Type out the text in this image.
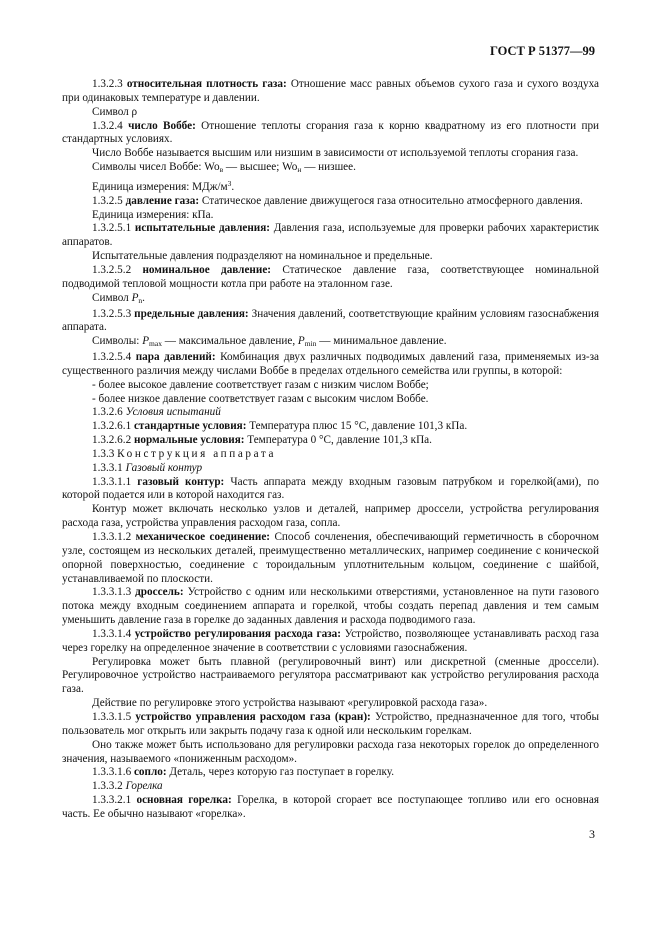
ГОСТ Р 51377—99

1.3.2.3 относительная плотность газа: Отношение масс равных объемов сухого газа и сухого воздуха при одинаковых температуре и давлении.

Символ ρ

1.3.2.4 число Воббе: Отношение теплоты сгорания газа к корню квадратному из его плотности при стандартных условиях.

Число Воббе называется высшим или низшим в зависимости от используемой теплоты сгорания газа.

Символы чисел Воббе: $Wo_в$ — высшее; $Wo_н$ — низшее.

Единица измерения: МДж/$м^3$.

1.3.2.5 давление газа: Статическое давление движущегося газа относительно атмосферного давления.

Единица измерения: кПа.

1.3.2.5.1 испытательные давления: Давления газа, используемые для проверки рабочих характеристик аппаратов.

Испытательные давления подразделяют на номинальное и предельные.

1.3.2.5.2 номинальное давление: Статическое давление газа, соответствующее номинальной подводимой тепловой мощности котла при работе на эталонном газе.

Символ $P_n$.

1.3.2.5.3 предельные давления: Значения давлений, соответствующие крайним условиям газоснабжения аппарата.

Символы: $P_{max}$ — максимальное давление, $P_{min}$ — минимальное давление.

1.3.2.5.4 пара давлений: Комбинация двух различных подводимых давлений газа, применяемых из-за существенного различия между числами Воббе в пределах отдельного семейства или группы, в которой:

- более высокое давление соответствует газам с низким числом Воббе;

- более низкое давление соответствует газам с высоким числом Воббе.

1.3.2.6 Условия испытаний

1.3.2.6.1 стандартные условия: Температура плюс 15 °С, давление 101,3 кПа.

1.3.2.6.2 нормальные условия: Температура 0 °С, давление 101,3 кПа.

1.3.3 Конструкция аппарата

1.3.3.1 Газовый контур

1.3.3.1.1 газовый контур: Часть аппарата между входным газовым патрубком и горелкой(ами), по которой подается или в которой находится газ.

Контур может включать несколько узлов и деталей, например дроссели, устройства регулирования расхода газа, устройства управления расходом газа, сопла.

1.3.3.1.2 механическое соединение: Способ сочленения, обеспечивающий герметичность в сборочном узле, состоящем из нескольких деталей, преимущественно металлических, например соединение с конической опорной поверхностью, соединение с тороидальным уплотнительным кольцом, соединение с шайбой, устанавливаемой по плоскости.

1.3.3.1.3 дроссель: Устройство с одним или несколькими отверстиями, установленное на пути газового потока между входным соединением аппарата и горелкой, чтобы создать перепад давления и тем самым уменьшить давление газа в горелке до заданных давления и расхода подводимого газа.

1.3.3.1.4 устройство регулирования расхода газа: Устройство, позволяющее устанавливать расход газа через горелку на определенное значение в соответствии с условиями газоснабжения.

Регулировка может быть плавной (регулировочный винт) или дискретной (сменные дроссели). Регулировочное устройство настраиваемого регулятора рассматривают как устройство регулирования расхода газа.

Действие по регулировке этого устройства называют «регулировкой расхода газа».

1.3.3.1.5 устройство управления расходом газа (кран): Устройство, предназначенное для того, чтобы пользователь мог открыть или закрыть подачу газа к одной или нескольким горелкам.

Оно также может быть использовано для регулировки расхода газа некоторых горелок до определенного значения, называемого «пониженным расходом».

1.3.3.1.6 сопло: Деталь, через которую газ поступает в горелку.

1.3.3.2 Горелка

1.3.3.2.1 основная горелка: Горелка, в которой сгорает все поступающее топливо или его основная часть. Ее обычно называют «горелка».

3
